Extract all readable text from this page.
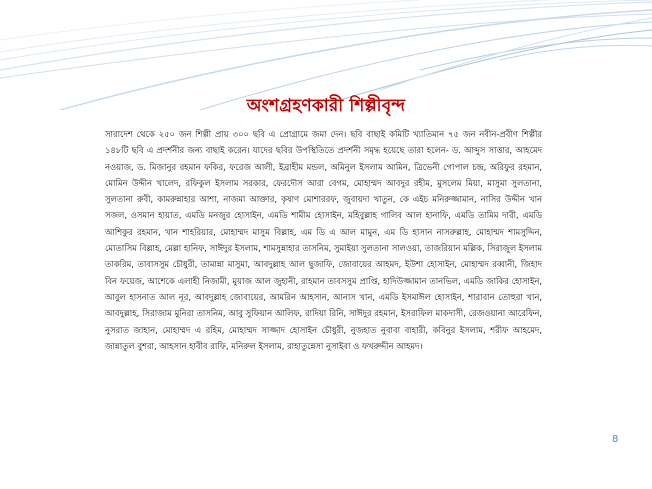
অংশগ্রহণকারী শিল্পীবৃন্দ

সারাদেশ থেকে ২৫০ জন শিল্পী প্রায় ৩০০ ছবি এ প্রোগ্রামে জমা দেন। ছবি বাছাই কমিটি খ্যাতিমান ৭৫ জন নবীন-প্রবীণ শিল্পীর ১৪৮টি ছবি এ প্রদর্শনীর জন্য বাছাই করেন। যাদের ছবির উপস্থিতিতে প্রদর্শনী সমৃদ্ধ হয়েছে তারা হলেন- ড. আব্দুস সাত্তার, আহমেদ নওয়াজ, ড. মিজানুর রহমান ফকির, ফরেজ আলী, ইব্রাহীম মন্ডল, অমিনুল ইসলাম আমিন, ত্রিভেনী গোপাল চন্দ্র, অরিফুর রহমান, মোমিন উদ্দীন খালেদ, রফিকুল ইসলাম সরকার, ফেরদৌস আরা বেগম, মোহাম্মদ আবদুর রহীম, মুসলেম মিয়া, মাসুমা সুলতানা, সুলতানা রুবী, কামরুন্নাহার আশা, নাজমা আক্তার, কৃষাণ মোশাররফ, জুবায়দা খাতুন, কে এইচ মনিরুজ্জামান, নাসির উদ্দীন খান সজল, ওসমান হায়াত, এমডি মনজুর হোসাইন, এমডি শামীম হোসাইন, মহিবুল্লাহ গালিব আল হানাফি, এমডি তামিম দারী, এমডি আশিকুর রহমান, খান শাহরিয়ার, মোহাম্মদ মাসুম বিল্লাহ, এম ডি এ আল মামুন, এম ডি হাসান নাসরুল্লাহ, মোহাম্মদ শামসুদ্দিন, মোতাসিম বিল্লাহ, মেল্লা হানিফ, সাঈদুর ইসলাম, শামসুন্নাহার তাসনিম, সুমাইয়া সুলতানা সালওয়া, তাজরিয়ান মল্লিক, সিরাজুল ইসলাম তাকরিম, তাবাসসুম চৌধুরী, তামান্না মাসুমা, আবদুল্লাহ আল ছুজাফি, জোবায়ের আহমদ, ইউশা হোসাইন, মোহাম্মদ রব্বানী, জিহাদ বিন ফয়েজ, আশেকে এলাহী নিজামী, মুয়াজ আল জুহানী, রাহমান তাবসসুম প্রাপ্তি, হাদিউজ্জামান তানভিল, এমডি জাকির হোসাইন, আবুল হাসনাত আল নূর, আবদুল্লাহ জোবায়ের, আমরিন আহসান, আনাস খান, এমডি ইসমাঈল হোসাইন, শারাবান তোহুরা খান, আবদুল্লাহ, সিরাজাম মুনিরা তাসনিম, আবু সুফিয়ান আলিফ, রাদিয়া রিনি, সাঈদুর রহমান, ইসরাফিল মাকদাসী, রেজওয়ানা আরেফিন, নুসরাত জাহান, মোহাম্মদ এ রহিম, মোহাম্মদ সাজ্জাদ হোসাইন চৌধুরী, নুজহাত নুবাবা বাহারী, কবিনুর ইসলাম, শরীফ আহমেদ, জান্নাতুল বুশরা, আহসান হাবীব রাফি, মনিরুল ইসলাম, রাহাতুন্নেসা নুসাইবা ও ফখরুদ্দীন আহমদ।

8
